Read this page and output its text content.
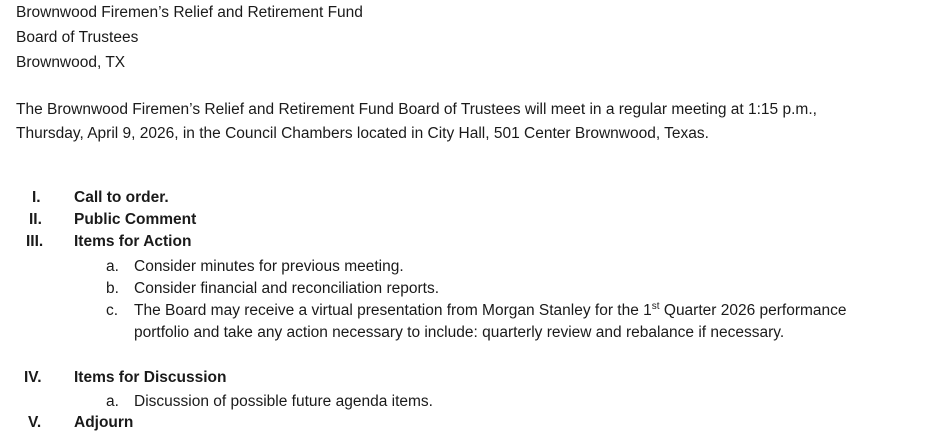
Brownwood Firemen’s Relief and Retirement Fund
Board of Trustees
Brownwood, TX
The Brownwood Firemen’s Relief and Retirement Fund Board of Trustees will meet in a regular meeting at 1:15 p.m.,
Thursday, April 9, 2026, in the Council Chambers located in City Hall, 501 Center Brownwood, Texas.
I.	Call to order.
II.	Public Comment
III.	Items for Action
a. Consider minutes for previous meeting.
b. Consider financial and reconciliation reports.
c.	The Board may receive a virtual presentation from Morgan Stanley for the 1st Quarter 2026 performance
portfolio and take any action necessary to include: quarterly review and rebalance if necessary.
IV.	Items for Discussion
a. Discussion of possible future agenda items.
V.	Adjourn
